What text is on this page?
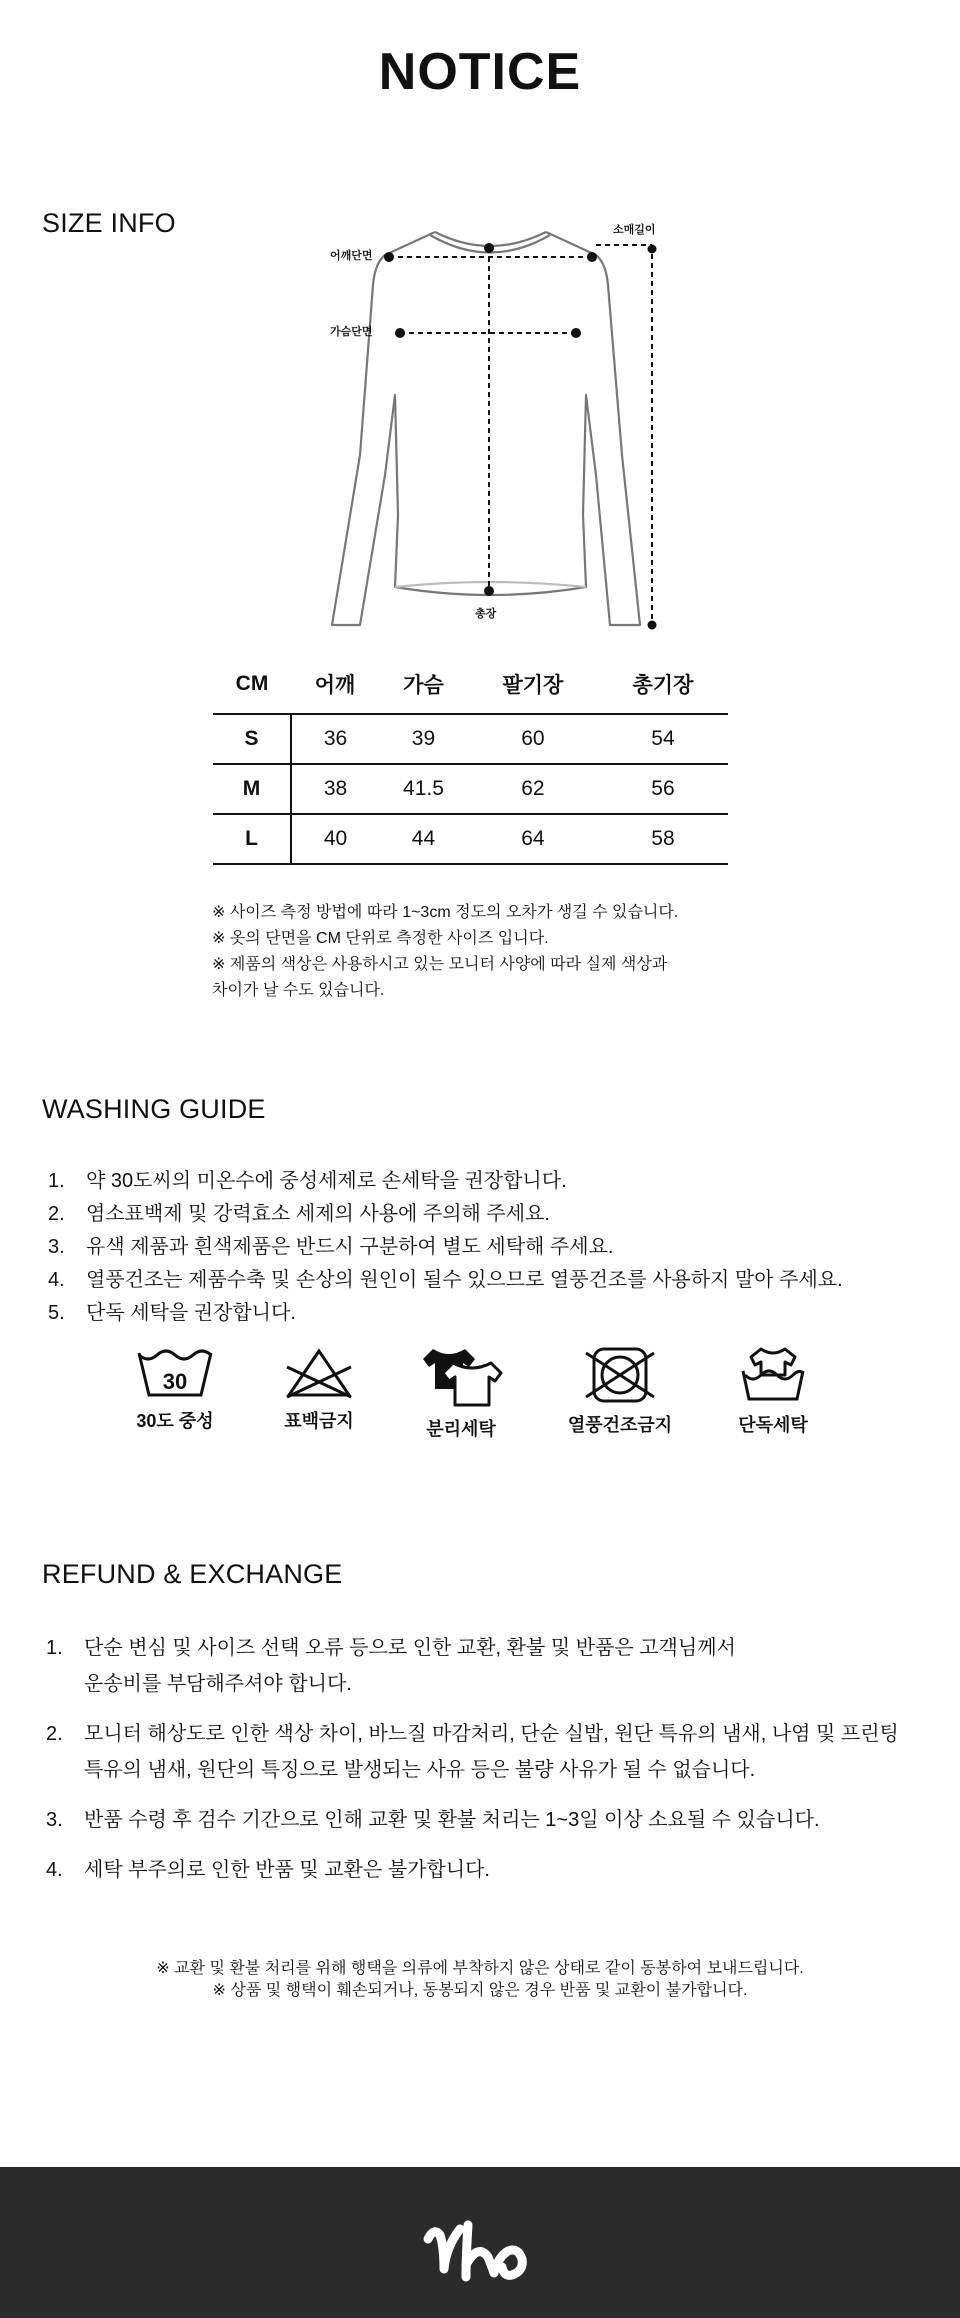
NOTICE
SIZE INFO
어깨단면
가슴단면
소매길이
총장
CM	어깨	가슴	팔기장	총기장
S	36	39	60	54
M	38	41.5	62	56
L	40	44	64	58
※ 사이즈 측정 방법에 따라 1~3cm 정도의 오차가 생길 수 있습니다.
※ 옷의 단면을 CM 단위로 측정한 사이즈 입니다.
※ 제품의 색상은 사용하시고 있는 모니터 사양에 따라 실제 색상과
차이가 날 수도 있습니다.
WASHING GUIDE
1. 약 30도씨의 미온수에 중성세제로 손세탁을 권장합니다.
2. 염소표백제 및 강력효소 세제의 사용에 주의해 주세요.
3. 유색 제품과 흰색제품은 반드시 구분하여 별도 세탁해 주세요.
4. 열풍건조는 제품수축 및 손상의 원인이 될수 있으므로 열풍건조를 사용하지 말아 주세요.
5. 단독 세탁을 권장합니다.
30
30도 중성	표백금지	분리세탁	열풍건조금지	단독세탁
REFUND & EXCHANGE
1. 단순 변심 및 사이즈 선택 오류 등으로 인한 교환, 환불 및 반품은 고객님께서
운송비를 부담해주셔야 합니다.
2. 모니터 해상도로 인한 색상 차이, 바느질 마감처리, 단순 실밥, 원단 특유의 냄새, 나염 및 프린팅
특유의 냄새, 원단의 특징으로 발생되는 사유 등은 불량 사유가 될 수 없습니다.
3. 반품 수령 후 검수 기간으로 인해 교환 및 환불 처리는 1~3일 이상 소요될 수 있습니다.
4. 세탁 부주의로 인한 반품 및 교환은 불가합니다.
※ 교환 및 환불 처리를 위해 행택을 의류에 부착하지 않은 상태로 같이 동봉하여 보내드립니다.
※ 상품 및 행택이 훼손되거나, 동봉되지 않은 경우 반품 및 교환이 불가합니다.
